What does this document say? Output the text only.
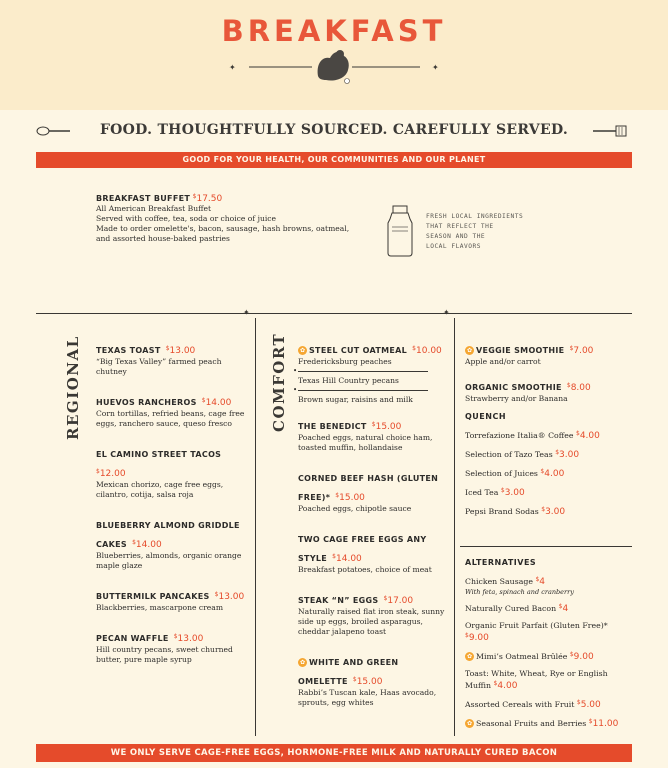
BREAKFAST
✦	✦
FOOD. THOUGHTFULLY SOURCED. CAREFULLY SERVED.
GOOD FOR YOUR HEALTH, OUR COMMUNITIES AND OUR PLANET
BREAKFAST BUFFET $17.50
All American Breakfast Buffet
Served with coffee, tea, soda or choice of juice
Made to order omelette's, bacon, sausage, hash browns, oatmeal,
and assorted house-baked pastries
FRESH LOCAL INGREDIENTS
THAT REFLECT THE
SEASON AND THE
LOCAL FLAVORS
✦	✦
REGIONAL	COMFORT
TEXAS TOAST $13.00
“Big Texas Valley” farmed peach chutney
HUEVOS RANCHEROS $14.00
Corn tortillas, refried beans, cage free eggs, ranchero sauce, queso fresco
EL CAMINO STREET TACOS $12.00
Mexican chorizo, cage free eggs, cilantro, cotija, salsa roja
BLUEBERRY ALMOND GRIDDLE CAKES $14.00
Blueberries, almonds, organic orange maple glaze
BUTTERMILK PANCAKES $13.00
Blackberries, mascarpone cream
PECAN WAFFLE $13.00
Hill country pecans, sweet churned butter, pure maple syrup
✿ STEEL CUT OATMEAL $10.00
Fredericksburg peaches
•
Texas Hill Country pecans
•
Brown sugar, raisins and milk
THE BENEDICT $15.00
Poached eggs, natural choice ham, toasted muffin, hollandaise
CORNED BEEF HASH (GLUTEN FREE)* $15.00
Poached eggs, chipotle sauce
TWO CAGE FREE EGGS ANY STYLE $14.00
Breakfast potatoes, choice of meat
STEAK “N” EGGS $17.00
Naturally raised flat iron steak, sunny side up eggs, broiled asparagus, cheddar jalapeno toast
✿ WHITE AND GREEN OMELETTE $15.00
Rabbi’s Tuscan kale, Haas avocado, sprouts, egg whites
✿ VEGGIE SMOOTHIE $7.00
Apple and/or carrot
ORGANIC SMOOTHIE $8.00
Strawberry and/or Banana
QUENCH
Torrefazione Italia® Coffee $4.00
Selection of Tazo Teas $3.00
Selection of Juices $4.00
Iced Tea $3.00
Pepsi Brand Sodas $3.00
ALTERNATIVES
Chicken Sausage $4
With feta, spinach and cranberry
Naturally Cured Bacon $4
Organic Fruit Parfait (Gluten Free)* $9.00
✿ Mimi’s Oatmeal Brûlée $9.00
Toast: White, Wheat, Rye or English Muffin $4.00
Assorted Cereals with Fruit $5.00
✿ Seasonal Fruits and Berries $11.00
WE ONLY SERVE CAGE-FREE EGGS, HORMONE-FREE MILK AND NATURALLY CURED BACON
